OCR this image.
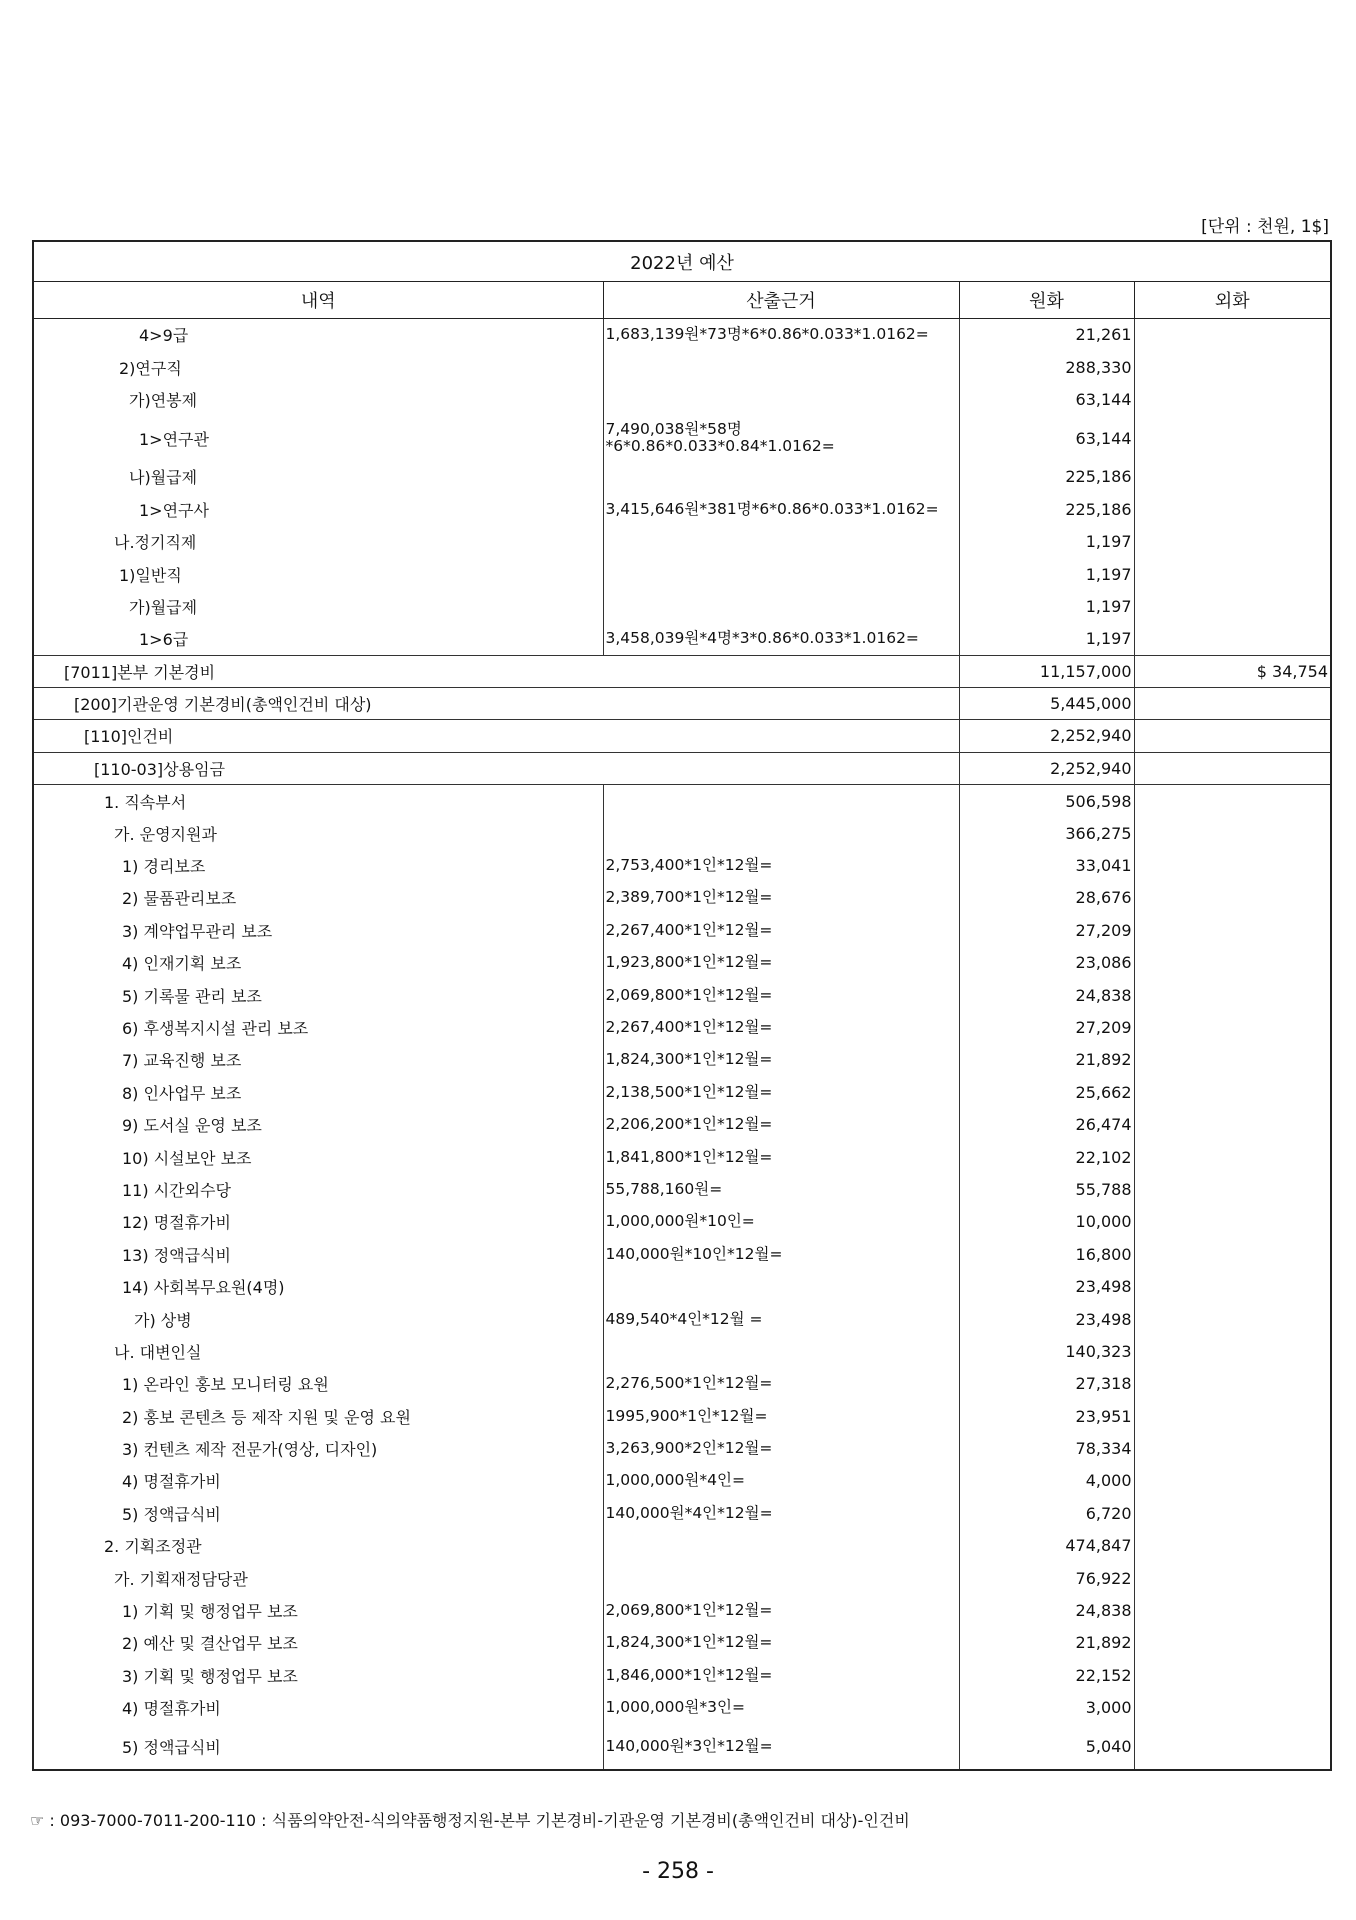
[단위 : 천원, 1$]
2022년 예산			
내역	산출근거	원화	외화
4>9급	1,683,139원*73명*6*0.86*0.033*1.0162=	21,261	
2)연구직		288,330	
가)연봉제		63,144	
1>연구관	7,490,038원*58명*6*0.86*0.033*0.84*1.0162=	63,144	
나)월급제		225,186	
1>연구사	3,415,646원*381명*6*0.86*0.033*1.0162=	225,186	
나.정기직제		1,197	
1)일반직		1,197	
가)월급제		1,197	
1>6급	3,458,039원*4명*3*0.86*0.033*1.0162=	1,197	
[7011]본부 기본경비		11,157,000	$ 34,754
[200]기관운영 기본경비(총액인건비 대상)		5,445,000	
[110]인건비		2,252,940	
[110-03]상용임금		2,252,940	
1. 직속부서		506,598	
가. 운영지원과		366,275	
1) 경리보조	2,753,400*1인*12월=	33,041	
2) 물품관리보조	2,389,700*1인*12월=	28,676	
3) 계약업무관리 보조	2,267,400*1인*12월=	27,209	
4) 인재기획 보조	1,923,800*1인*12월=	23,086	
5) 기록물 관리 보조	2,069,800*1인*12월=	24,838	
6) 후생복지시설 관리 보조	2,267,400*1인*12월=	27,209	
7) 교육진행 보조	1,824,300*1인*12월=	21,892	
8) 인사업무 보조	2,138,500*1인*12월=	25,662	
9) 도서실 운영 보조	2,206,200*1인*12월=	26,474	
10) 시설보안 보조	1,841,800*1인*12월=	22,102	
11) 시간외수당	55,788,160원=	55,788	
12) 명절휴가비	1,000,000원*10인=	10,000	
13) 정액급식비	140,000원*10인*12월=	16,800	
14) 사회복무요원(4명)		23,498	
가) 상병	489,540*4인*12월 =	23,498	
나. 대변인실		140,323	
1) 온라인 홍보 모니터링 요원	2,276,500*1인*12월=	27,318	
2) 홍보 콘텐츠 등 제작 지원 및 운영 요원	1995,900*1인*12월=	23,951	
3) 컨텐츠 제작 전문가(영상, 디자인)	3,263,900*2인*12월=	78,334	
4) 명절휴가비	1,000,000원*4인=	4,000	
5) 정액급식비	140,000원*4인*12월=	6,720	
2. 기획조정관		474,847	
가. 기획재정담당관		76,922	
1) 기획 및 행정업무 보조	2,069,800*1인*12월=	24,838	
2) 예산 및 결산업무 보조	1,824,300*1인*12월=	21,892	
3) 기획 및 행정업무 보조	1,846,000*1인*12월=	22,152	
4) 명절휴가비	1,000,000원*3인=	3,000	
5) 정액급식비	140,000원*3인*12월=	5,040	
☞ : 093-7000-7011-200-110 : 식품의약안전-식의약품행정지원-본부 기본경비-기관운영 기본경비(총액인건비 대상)-인건비
- 258 -
